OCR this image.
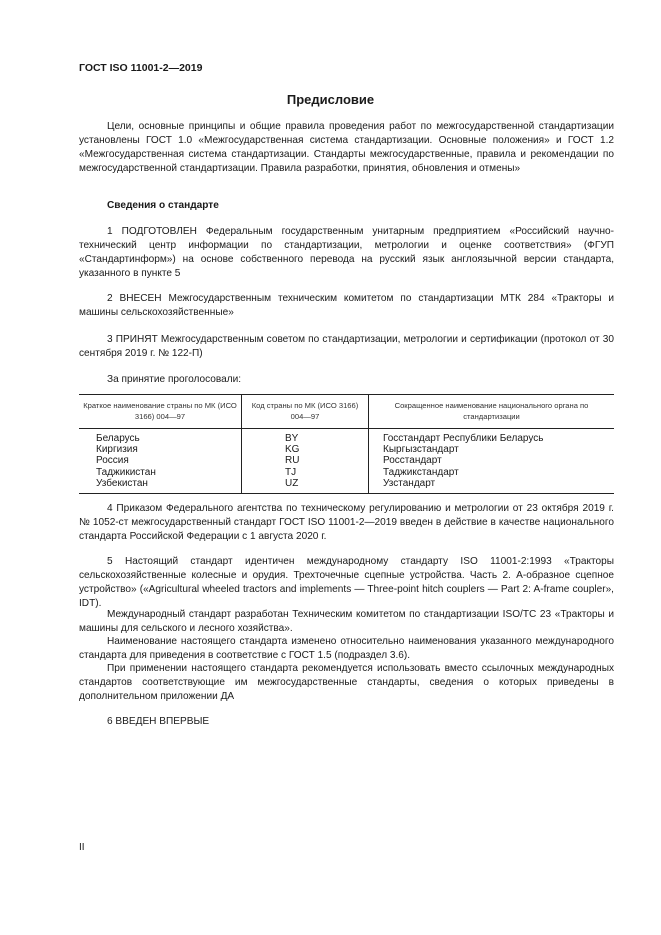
ГОСТ ISO 11001-2—2019
Предисловие

Цели, основные принципы и общие правила проведения работ по межгосударственной стандартизации установлены ГОСТ 1.0 «Межгосударственная система стандартизации. Основные положения» и ГОСТ 1.2 «Межгосударственная система стандартизации. Стандарты межгосударственные, правила и рекомендации по межгосударственной стандартизации. Правила разработки, принятия, обновления и отмены»

Сведения о стандарте

1 ПОДГОТОВЛЕН Федеральным государственным унитарным предприятием «Российский научно-технический центр информации по стандартизации, метрологии и оценке соответствия» (ФГУП «Стандартинформ») на основе собственного перевода на русский язык англоязычной версии стандарта, указанного в пункте 5

2 ВНЕСЕН Межгосударственным техническим комитетом по стандартизации МТК 284 «Тракторы и машины сельскохозяйственные»

3 ПРИНЯТ Межгосударственным советом по стандартизации, метрологии и сертификации (протокол от 30 сентября 2019 г. № 122-П)

За принятие проголосовали:
Краткое наименование страны по МК (ИСО 3166) 004—97	Код страны по МК (ИСО 3166) 004—97	Сокращенное наименование национального органа по стандартизации
Беларусь	BY	Госстандарт Республики Беларусь
Киргизия	KG	Кыргызстандарт
Россия	RU	Росстандарт
Таджикистан	TJ	Таджикстандарт
Узбекистан	UZ	Узстандарт

4 Приказом Федерального агентства по техническому регулированию и метрологии от 23 октября 2019 г. № 1052-ст межгосударственный стандарт ГОСТ ISO 11001-2—2019 введен в действие в качестве национального стандарта Российской Федерации с 1 августа 2020 г.

5 Настоящий стандарт идентичен международному стандарту ISO 11001-2:1993 «Тракторы сельскохозяйственные колесные и орудия. Трехточечные сцепные устройства. Часть 2. А-образное сцепное устройство» («Agricultural wheeled tractors and implements — Three-point hitch couplers — Part 2: A-frame coupler», IDT).

Международный стандарт разработан Техническим комитетом по стандартизации ISO/TC 23 «Тракторы и машины для сельского и лесного хозяйства».

Наименование настоящего стандарта изменено относительно наименования указанного международного стандарта для приведения в соответствие с ГОСТ 1.5 (подраздел 3.6).

При применении настоящего стандарта рекомендуется использовать вместо ссылочных международных стандартов соответствующие им межгосударственные стандарты, сведения о которых приведены в дополнительном приложении ДА

6 ВВЕДЕН ВПЕРВЫЕ
II
